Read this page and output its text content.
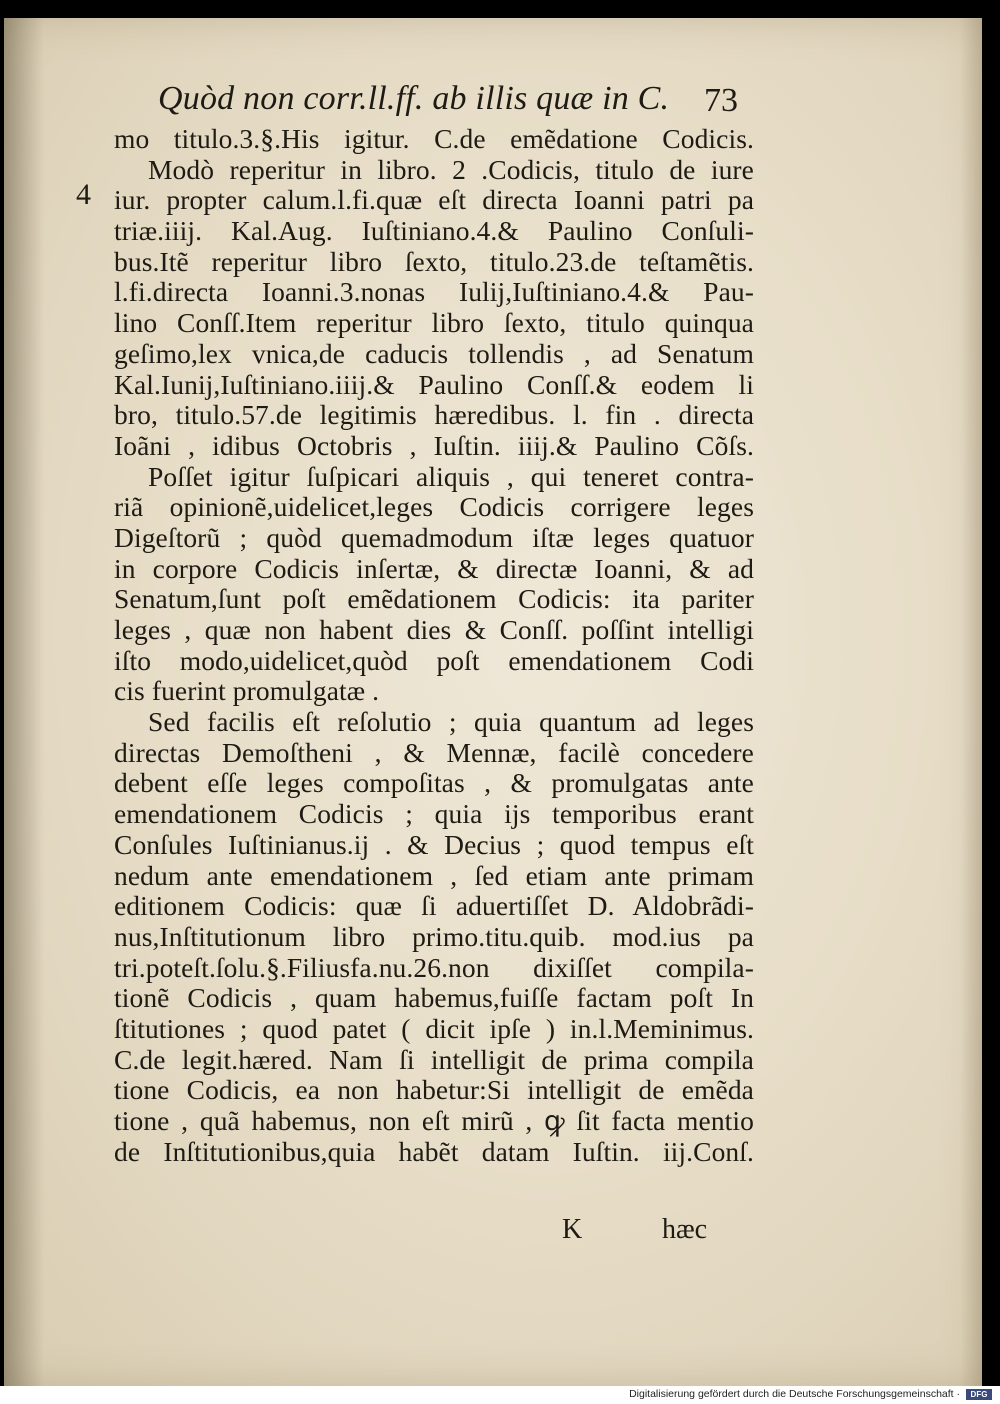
4
Quòd non corr.ll.ff. ab illis quæ in C. 73
mo titulo.3.§.His igitur. C.de emẽdatione Codicis.
Modò reperitur in libro. 2 .Codicis, titulo de iure
iur. propter calum.l.fi.quæ eſt directa Ioanni patri pa
triæ.iiij. Kal.Aug. Iuſtiniano.4.& Paulino Conſuli-
bus.Itẽ reperitur libro ſexto, titulo.23.de teſtamẽtis.
l.fi.directa Ioanni.3.nonas Iulij,Iuſtiniano.4.& Pau-
lino Conſſ.Item reperitur libro ſexto, titulo quinqua
geſimo,lex vnica,de caducis tollendis , ad Senatum
Kal.Iunij,Iuſtiniano.iiij.& Paulino Conſſ.& eodem li
bro, titulo.57.de legitimis hæredibus. l. fin . directa
Ioãni , idibus Octobris , Iuſtin. iiij.& Paulino Cõſs.
Poſſet igitur ſuſpicari aliquis , qui teneret contra-
riã opinionẽ,uidelicet,leges Codicis corrigere leges
Digeſtorũ ; quòd quemadmodum iſtæ leges quatuor
in corpore Codicis inſertæ, & directæ Ioanni, & ad
Senatum,ſunt poſt emẽdationem Codicis: ita pariter
leges , quæ non habent dies & Conſſ. poſſint intelligi
iſto modo,uidelicet,quòd poſt emendationem Codi
cis fuerint promulgatæ .
Sed facilis eſt reſolutio ; quia quantum ad leges
directas Demoſtheni , & Mennæ, facilè concedere
debent eſſe leges compoſitas , & promulgatas ante
emendationem Codicis ; quia ijs temporibus erant
Conſules Iuſtinianus.ij . & Decius ; quod tempus eſt
nedum ante emendationem , ſed etiam ante primam
editionem Codicis: quæ ſi aduertiſſet D. Aldobrãdi-
nus,Inſtitutionum libro primo.titu.quib. mod.ius pa
tri.poteſt.ſolu.§.Filiusfa.nu.26.non dixiſſet compila-
tionẽ Codicis , quam habemus,fuiſſe factam poſt In
ſtitutiones ; quod patet ( dicit ipſe ) in.l.Meminimus.
C.de legit.hæred. Nam ſi intelligit de prima compila
tione Codicis, ea non habetur:Si intelligit de emẽda
tione , quã habemus, non eſt mirũ , ꝙ ſit facta mentio
de Inſtitutionibus,quia habẽt datam Iuſtin. iij.Conſ.
K	hæc
Digitalisierung gefördert durch die Deutsche Forschungsgemeinschaft ·	DFG
